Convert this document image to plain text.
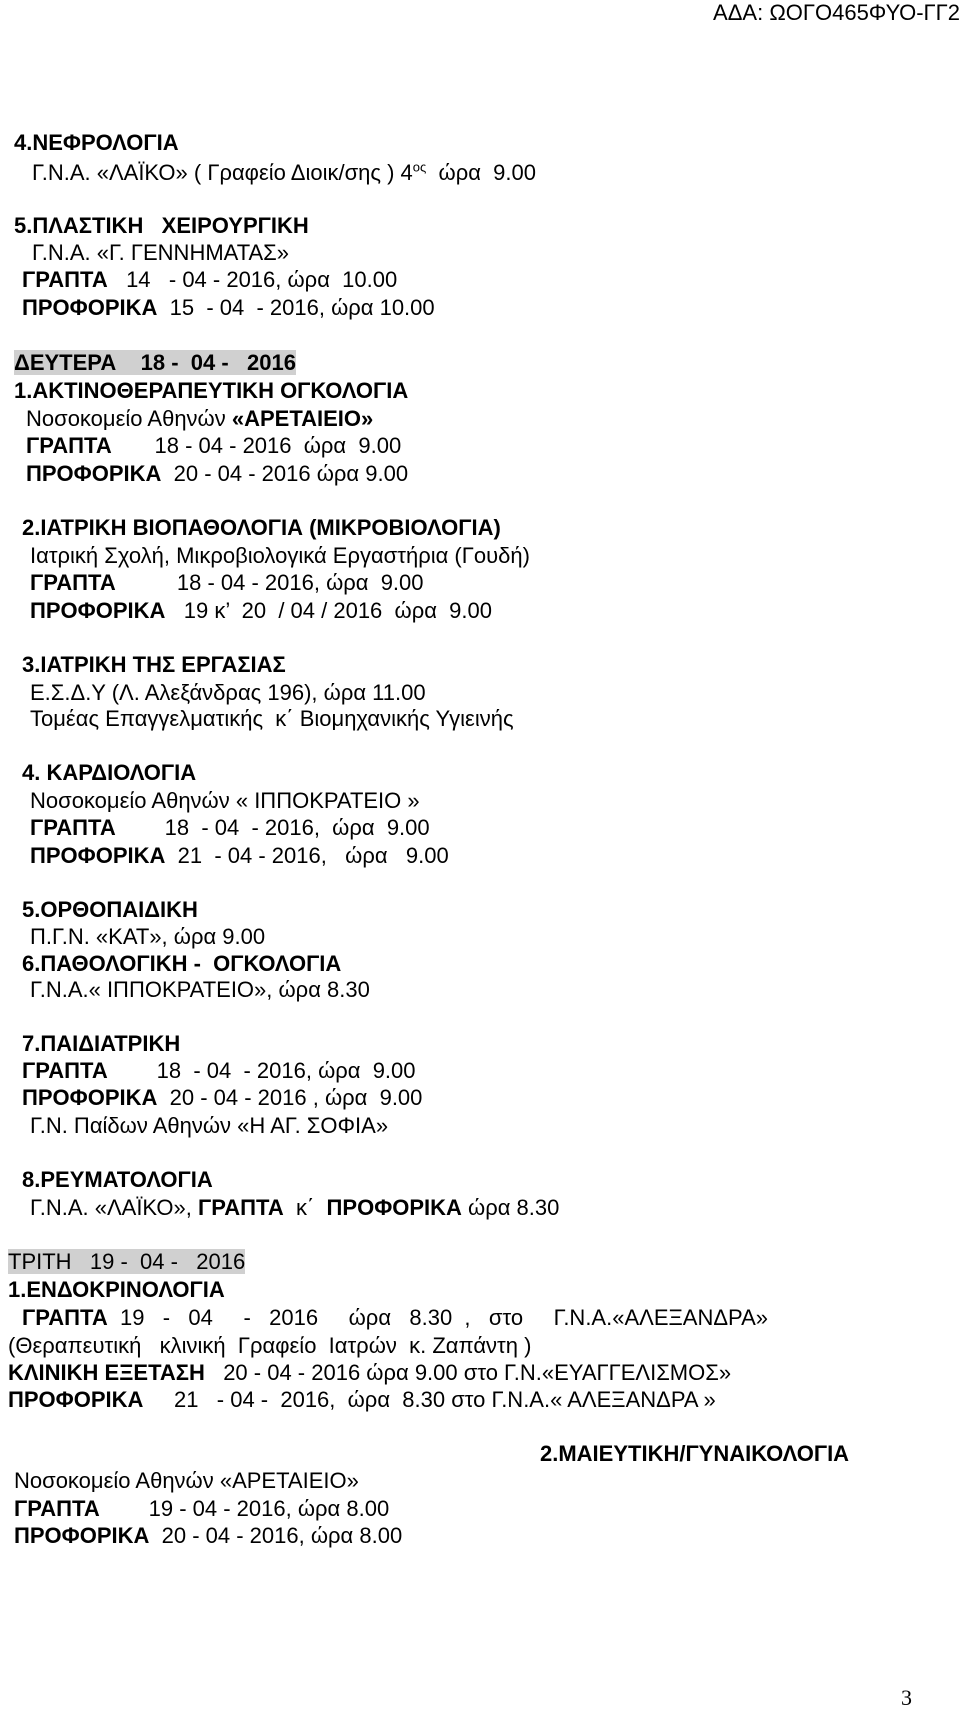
ΑΔΑ: ΩΟΓΟ465ΦΥΟ-ΓΓ2
4.ΝΕΦΡΟΛΟΓΙΑ
Γ.Ν.Α. «ΛΑΪΚΟ» ( Γραφείο Διοικ/σης ) $4^{o\varsigma}$  ώρα  9.00
5.ΠΛΑΣΤΙΚΗ   ΧΕΙΡΟΥΡΓΙΚΗ
Γ.Ν.Α. «Γ. ΓΕΝΝΗΜΑΤΑΣ»
ΓΡΑΠΤΑ   14   - 04 - 2016, ώρα  10.00
ΠΡΟΦΟΡΙΚΑ  15  - 04  - 2016, ώρα 10.00
ΔΕΥΤΕΡΑ    18 -  04 -   2016
1.ΑΚΤΙΝΟΘΕΡΑΠΕΥΤΙΚΗ ΟΓΚΟΛΟΓΙΑ
Νοσοκομείο Αθηνών «ΑΡΕΤΑΙΕΙΟ»
ΓΡΑΠΤΑ       18 - 04 - 2016  ώρα  9.00
ΠΡΟΦΟΡΙΚΑ  20 - 04 - 2016 ώρα 9.00
2.ΙΑΤΡΙΚΗ ΒΙΟΠΑΘΟΛΟΓΙΑ (ΜΙΚΡΟΒΙΟΛΟΓΙΑ)
Ιατρική Σχολή, Μικροβιολογικά Εργαστήρια (Γουδή)
ΓΡΑΠΤΑ          18 - 04 - 2016, ώρα  9.00
ΠΡΟΦΟΡΙΚΑ   19 κ’  20  / 04 / 2016  ώρα  9.00
3.ΙΑΤΡΙΚΗ ΤΗΣ ΕΡΓΑΣΙΑΣ
Ε.Σ.Δ.Υ (Λ. Αλεξάνδρας 196), ώρα 11.00
Τομέας Επαγγελματικής  κ΄ Βιομηχανικής Υγιεινής
4. ΚΑΡΔΙΟΛΟΓΙΑ
Νοσοκομείο Αθηνών « ΙΠΠΟΚΡΑΤΕΙΟ »
ΓΡΑΠΤΑ        18  - 04  - 2016,  ώρα  9.00
ΠΡΟΦΟΡΙΚΑ  21  - 04 - 2016,   ώρα   9.00
5.ΟΡΘΟΠΑΙΔΙΚΗ
Π.Γ.Ν. «ΚΑΤ», ώρα 9.00
6.ΠΑΘΟΛΟΓΙΚΗ -  ΟΓΚΟΛΟΓΙΑ
Γ.Ν.Α.« ΙΠΠΟΚΡΑΤΕΙΟ», ώρα 8.30
7.ΠΑΙΔΙΑΤΡΙΚΗ
ΓΡΑΠΤΑ        18  - 04  - 2016, ώρα  9.00
ΠΡΟΦΟΡΙΚΑ  20 - 04 - 2016 , ώρα  9.00
Γ.Ν. Παίδων Αθηνών «Η ΑΓ. ΣΟΦΙΑ»
8.ΡΕΥΜΑΤΟΛΟΓΙΑ
Γ.Ν.Α. «ΛΑΪΚΟ», ΓΡΑΠΤΑ  κ΄  ΠΡΟΦΟΡΙΚΑ ώρα 8.30
ΤΡΙΤΗ   19 -  04 -   2016
1.ΕΝΔΟΚΡΙΝΟΛΟΓΙΑ
ΓΡΑΠΤΑ  19   -   04     -   2016     ώρα   8.30  ,   στο     Γ.Ν.Α.«ΑΛΕΞΑΝΔΡΑ»
(Θεραπευτική   κλινική  Γραφείο  Ιατρών  κ. Ζαπάντη )
ΚΛΙΝΙΚΗ ΕΞΕΤΑΣΗ   20 - 04 - 2016 ώρα 9.00 στο Γ.Ν.«ΕΥΑΓΓΕΛΙΣΜΟΣ»
ΠΡΟΦΟΡΙΚΑ     21   - 04 -  2016,  ώρα  8.30 στο Γ.Ν.Α.« ΑΛΕΞΑΝΔΡΑ »
2.ΜΑΙΕΥΤΙΚΗ/ΓΥΝΑΙΚΟΛΟΓΙΑ
Νοσοκομείο Αθηνών «ΑΡΕΤΑΙΕΙΟ»
ΓΡΑΠΤΑ        19 - 04 - 2016, ώρα 8.00
ΠΡΟΦΟΡΙΚΑ  20 - 04 - 2016, ώρα 8.00
3
